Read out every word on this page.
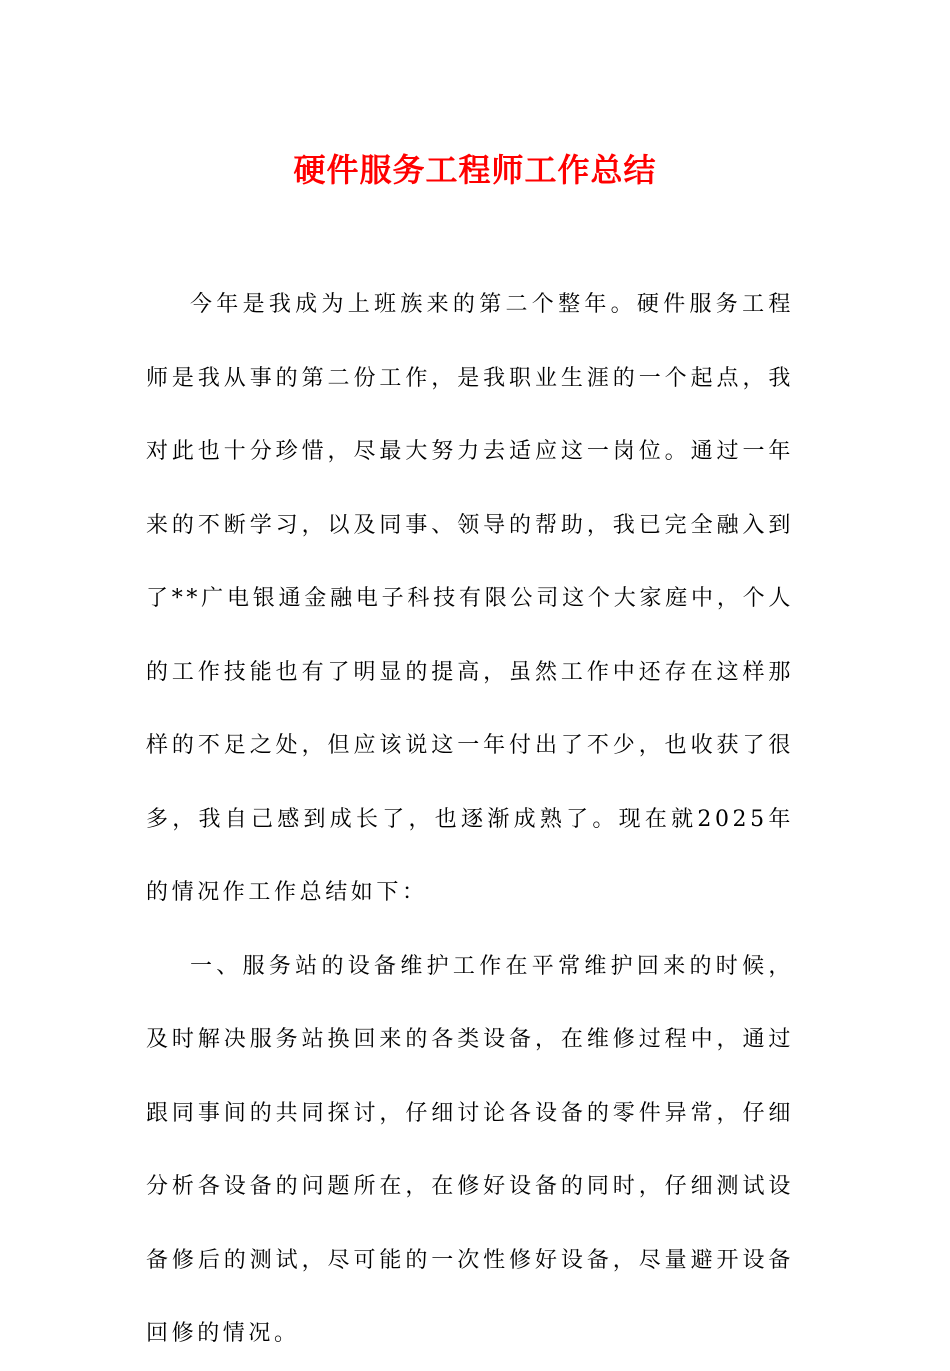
硬件服务工程师工作总结

今年是我成为上班族来的第二个整年。硬件服务工程师是我从事的第二份工作，是我职业生涯的一个起点，我对此也十分珍惜，尽最大努力去适应这一岗位。通过一年来的不断学习，以及同事、领导的帮助，我已完全融入到了**广电银通金融电子科技有限公司这个大家庭中，个人的工作技能也有了明显的提高，虽然工作中还存在这样那样的不足之处，但应该说这一年付出了不少，也收获了很多，我自己感到成长了，也逐渐成熟了。现在就2025年的情况作工作总结如下：

一、服务站的设备维护工作在平常维护回来的时候，及时解决服务站换回来的各类设备，在维修过程中，通过跟同事间的共同探讨，仔细讨论各设备的零件异常，仔细分析各设备的问题所在，在修好设备的同时，仔细测试设备修后的测试，尽可能的一次性修好设备，尽量避开设备回修的情况。
